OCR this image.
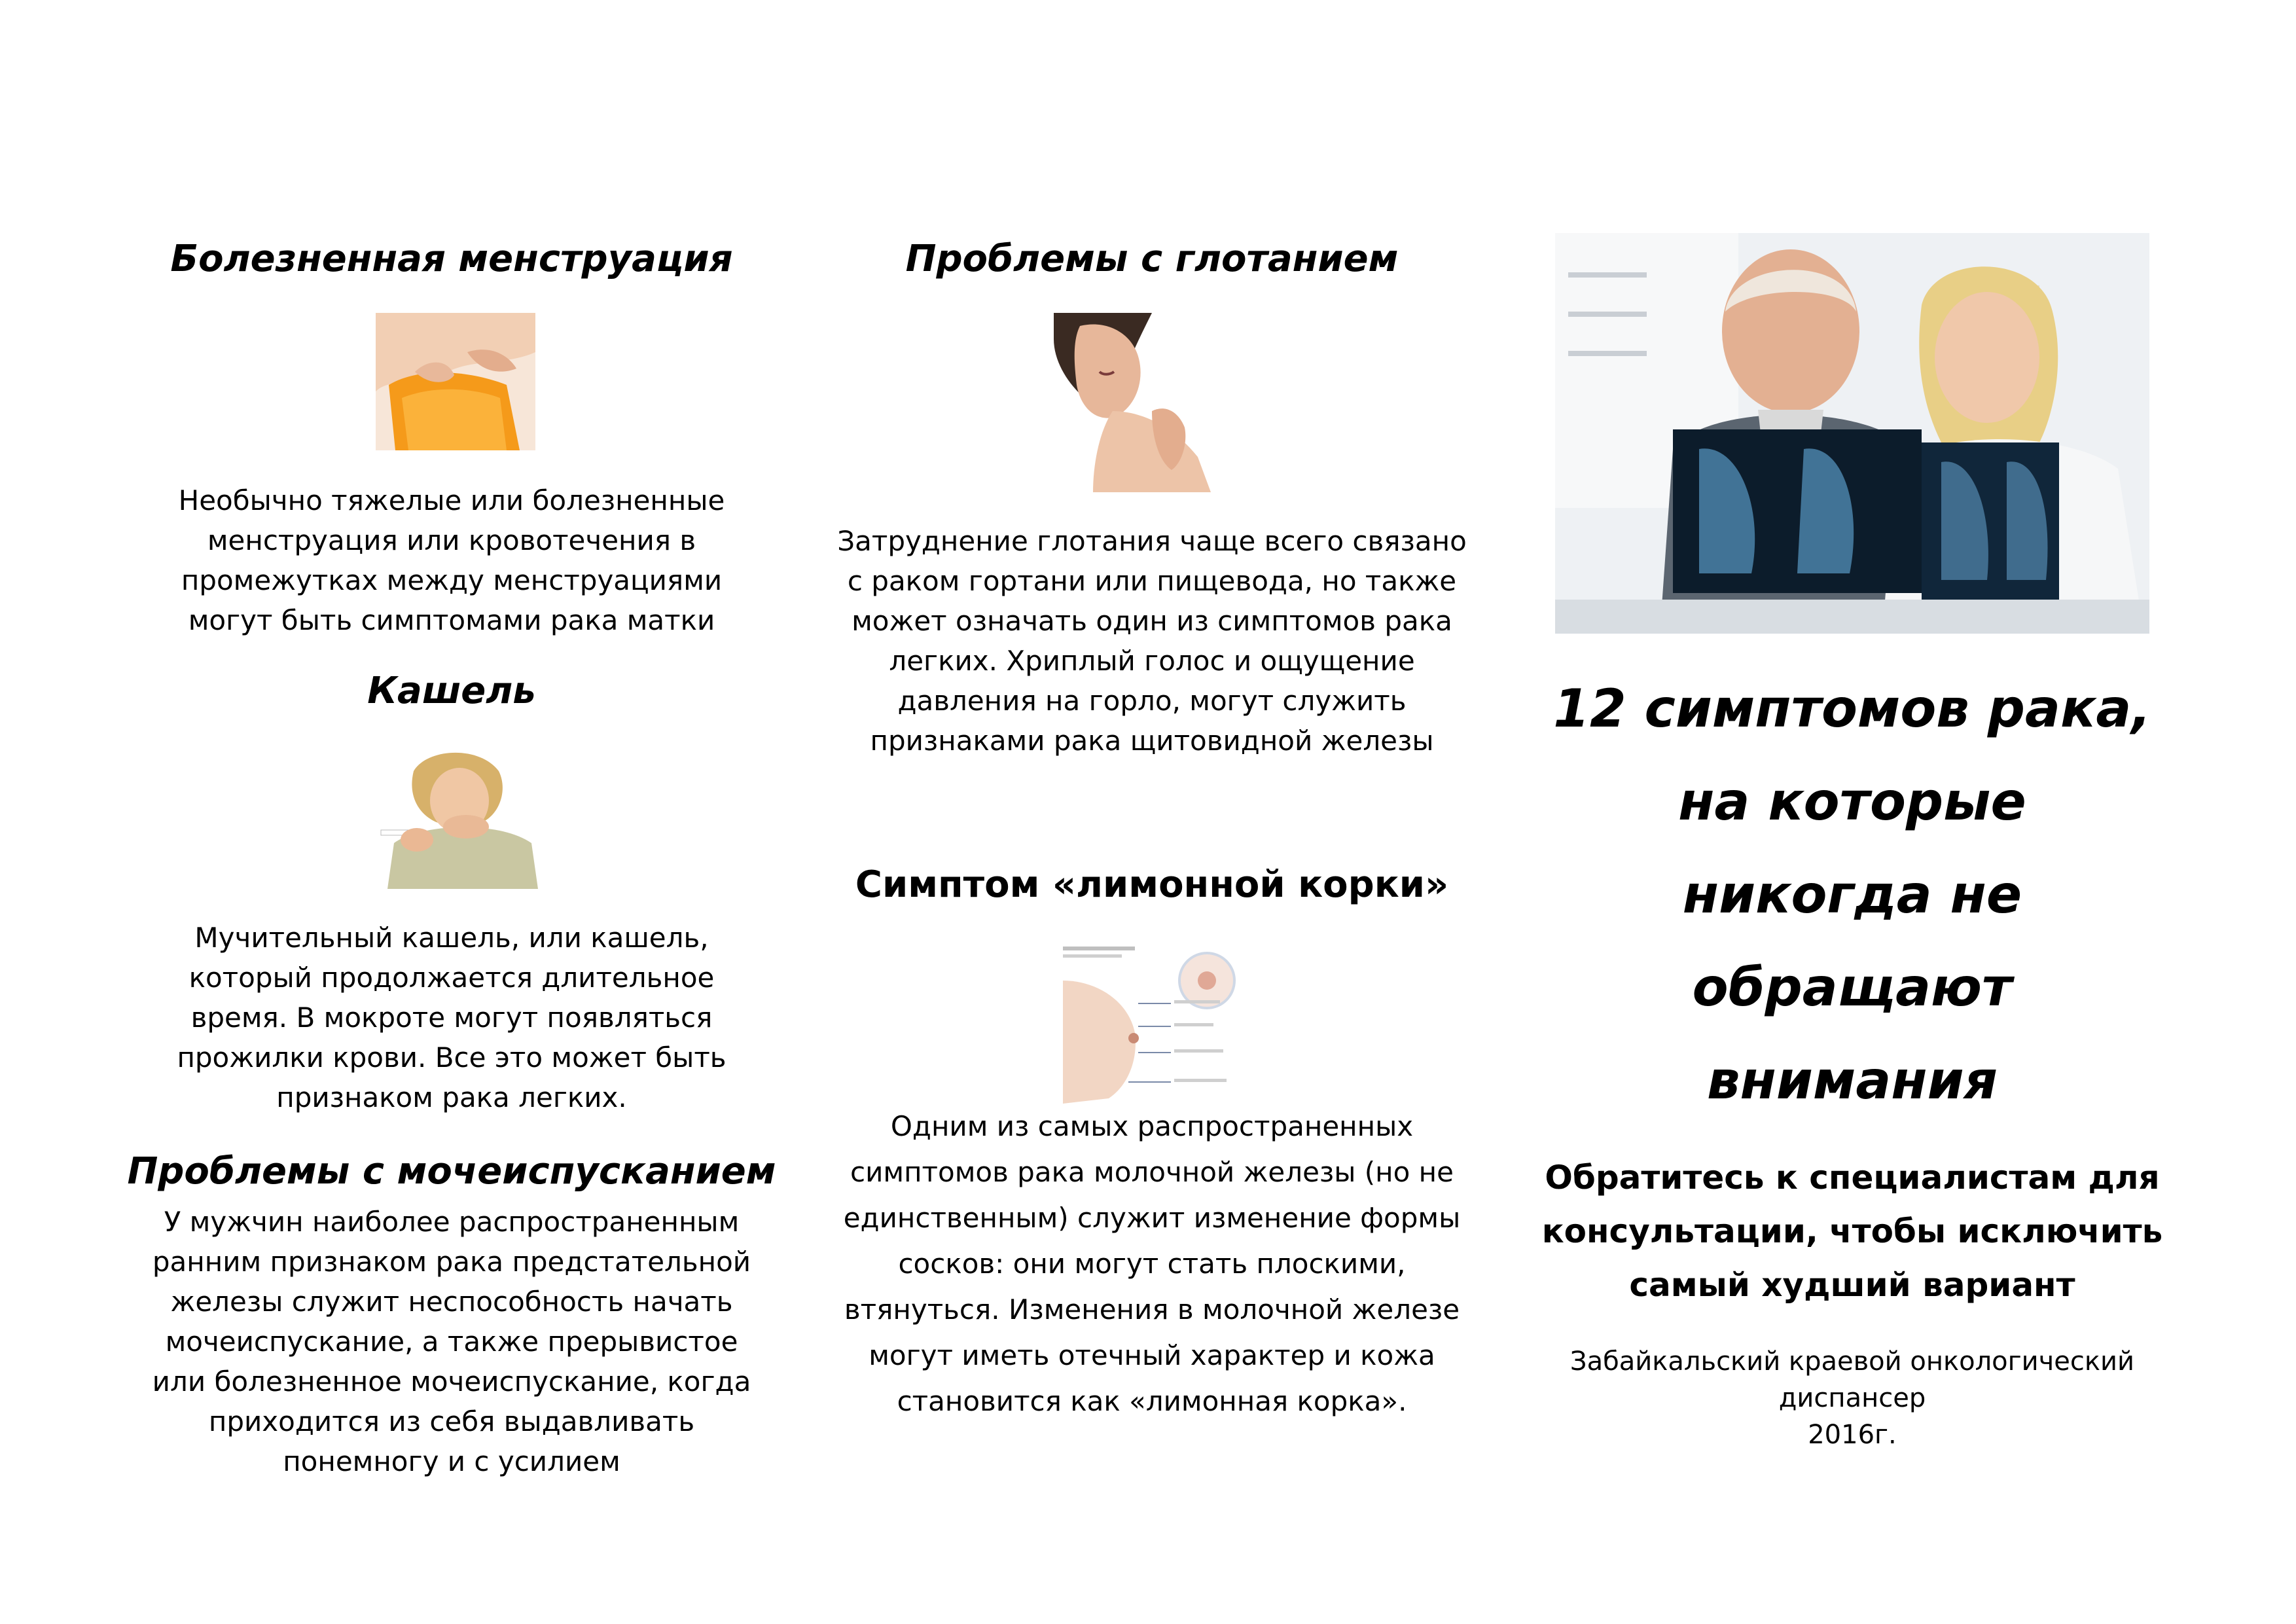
Болезненная менструация
Необычно тяжелые или болезненные
менструация или кровотечения в
промежутках между менструациями
могут быть симптомами рака матки
Кашель
Мучительный кашель, или кашель,
который продолжается длительное
время. В мокроте могут появляться
прожилки крови. Все это может быть
признаком рака легких.
Проблемы с мочеиспусканием
У мужчин наиболее распространенным
ранним признаком рака предстательной
железы служит неспособность начать
мочеиспускание, а также прерывистое
или болезненное мочеиспускание, когда
приходится из себя выдавливать
понемногу и с усилием
Проблемы с глотанием
Затруднение глотания чаще всего связано
с раком гортани или пищевода, но также
может означать один из симптомов рака
легких. Хриплый голос и ощущение
давления на горло, могут служить
признаками рака щитовидной железы
Симптом «лимонной корки»
Одним из самых распространенных
симптомов рака молочной железы (но не
единственным) служит изменение формы
сосков: они могут стать плоскими,
втянуться. Изменения в молочной железе
могут иметь отечный характер и кожа
становится как «лимонная корка».
12 симптомов рака,
на которые
никогда не
обращают
внимания
Обратитесь к специалистам для
консультации, чтобы исключить
самый худший вариант
Забайкальский краевой онкологический
диспансер
2016г.
